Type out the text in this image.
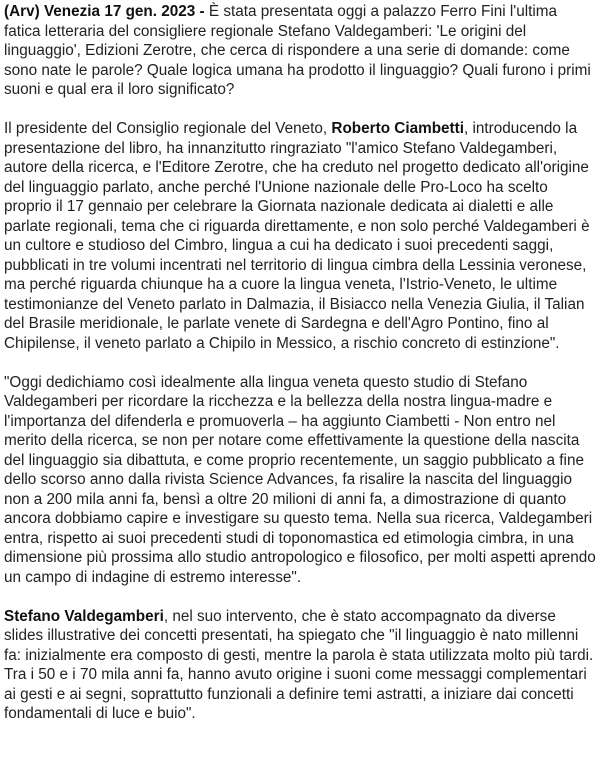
(Arv) Venezia 17 gen. 2023 - È stata presentata oggi a palazzo Ferro Fini l'ultima fatica letteraria del consigliere regionale Stefano Valdegamberi: 'Le origini del linguaggio', Edizioni Zerotre, che cerca di rispondere a una serie di domande: come sono nate le parole? Quale logica umana ha prodotto il linguaggio? Quali furono i primi suoni e qual era il loro significato?

Il presidente del Consiglio regionale del Veneto, Roberto Ciambetti, introducendo la presentazione del libro, ha innanzitutto ringraziato "l'amico Stefano Valdegamberi, autore della ricerca, e l'Editore Zerotre, che ha creduto nel progetto dedicato all'origine del linguaggio parlato, anche perché l'Unione nazionale delle Pro-Loco ha scelto proprio il 17 gennaio per celebrare la Giornata nazionale dedicata ai dialetti e alle parlate regionali, tema che ci riguarda direttamente, e non solo perché Valdegamberi è un cultore e studioso del Cimbro, lingua a cui ha dedicato i suoi precedenti saggi, pubblicati in tre volumi incentrati nel territorio di lingua cimbra della Lessinia veronese, ma perché riguarda chiunque ha a cuore la lingua veneta, l'Istrio-Veneto, le ultime testimonianze del Veneto parlato in Dalmazia, il Bisiacco nella Venezia Giulia, il Talian del Brasile meridionale, le parlate venete di Sardegna e dell'Agro Pontino, fino al Chipilense, il veneto parlato a Chipilo in Messico, a rischio concreto di estinzione".

"Oggi dedichiamo così idealmente alla lingua veneta questo studio di Stefano Valdegamberi per ricordare la ricchezza e la bellezza della nostra lingua-madre e l'importanza del difenderla e promuoverla – ha aggiunto Ciambetti - Non entro nel merito della ricerca, se non per notare come effettivamente la questione della nascita del linguaggio sia dibattuta, e come proprio recentemente, un saggio pubblicato a fine dello scorso anno dalla rivista Science Advances, fa risalire la nascita del linguaggio non a 200 mila anni fa, bensì a oltre 20 milioni di anni fa, a dimostrazione di quanto ancora dobbiamo capire e investigare su questo tema. Nella sua ricerca, Valdegamberi entra, rispetto ai suoi precedenti studi di toponomastica ed etimologia cimbra, in una dimensione più prossima allo studio antropologico e filosofico, per molti aspetti aprendo un campo di indagine di estremo interesse".

Stefano Valdegamberi, nel suo intervento, che è stato accompagnato da diverse slides illustrative dei concetti presentati, ha spiegato che "il linguaggio è nato millenni fa: inizialmente era composto di gesti, mentre la parola è stata utilizzata molto più tardi. Tra i 50 e i 70 mila anni fa, hanno avuto origine i suoni come messaggi complementari ai gesti e ai segni, soprattutto funzionali a definire temi astratti, a iniziare dai concetti fondamentali di luce e buio".
